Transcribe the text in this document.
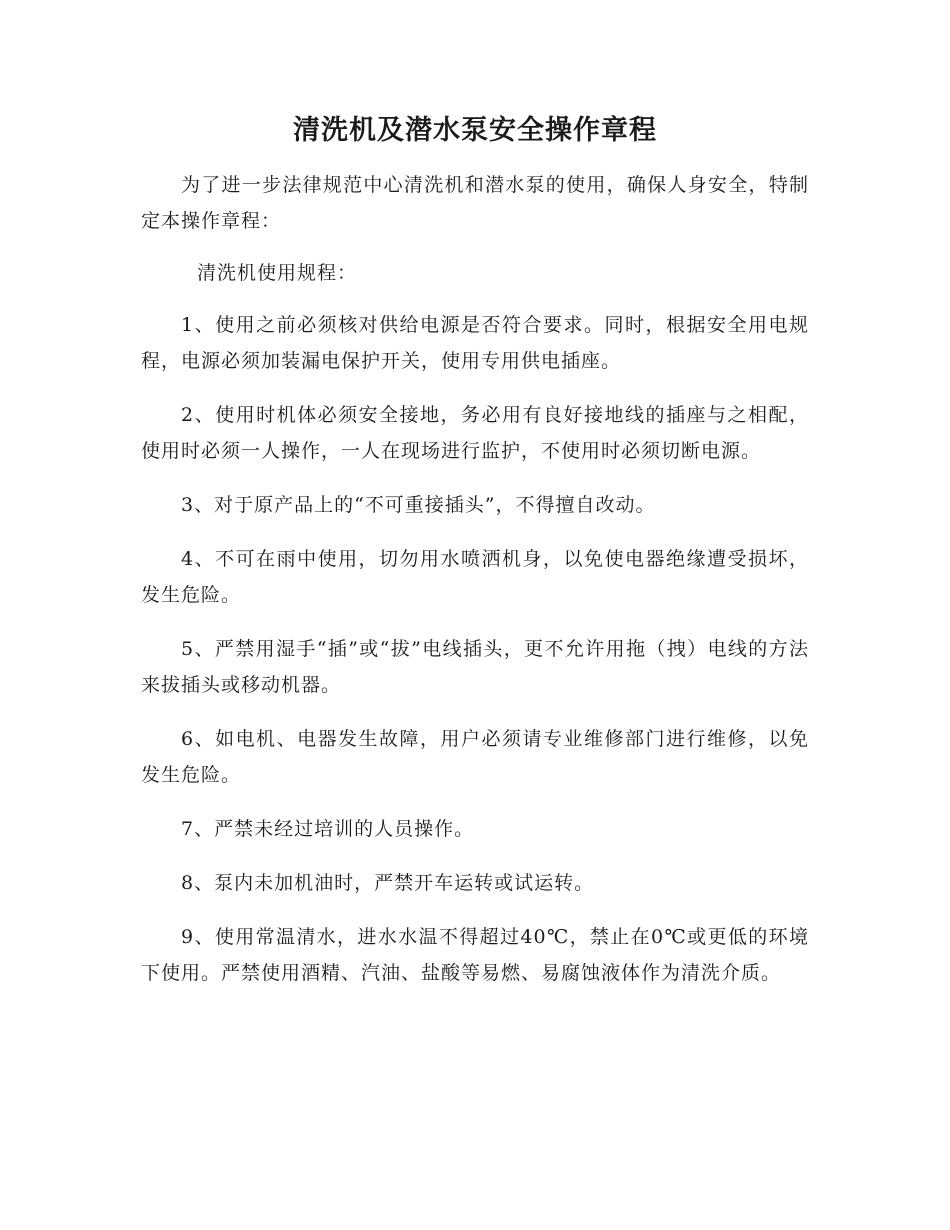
清洗机及潜水泵安全操作章程

为了进一步法律规范中心清洗机和潜水泵的使用，确保人身安全，特制定本操作章程：

清洗机使用规程：

1、使用之前必须核对供给电源是否符合要求。同时，根据安全用电规程，电源必须加装漏电保护开关，使用专用供电插座。

2、使用时机体必须安全接地，务必用有良好接地线的插座与之相配，使用时必须一人操作，一人在现场进行监护，不使用时必须切断电源。

3、对于原产品上的“不可重接插头”，不得擅自改动。

4、不可在雨中使用，切勿用水喷洒机身，以免使电器绝缘遭受损坏，发生危险。

5、严禁用湿手“插”或“拔”电线插头，更不允许用拖（拽）电线的方法来拔插头或移动机器。

6、如电机、电器发生故障，用户必须请专业维修部门进行维修，以免发生危险。

7、严禁未经过培训的人员操作。

8、泵内未加机油时，严禁开车运转或试运转。

9、使用常温清水，进水水温不得超过40℃，禁止在0℃或更低的环境下使用。严禁使用酒精、汽油、盐酸等易燃、易腐蚀液体作为清洗介质。
